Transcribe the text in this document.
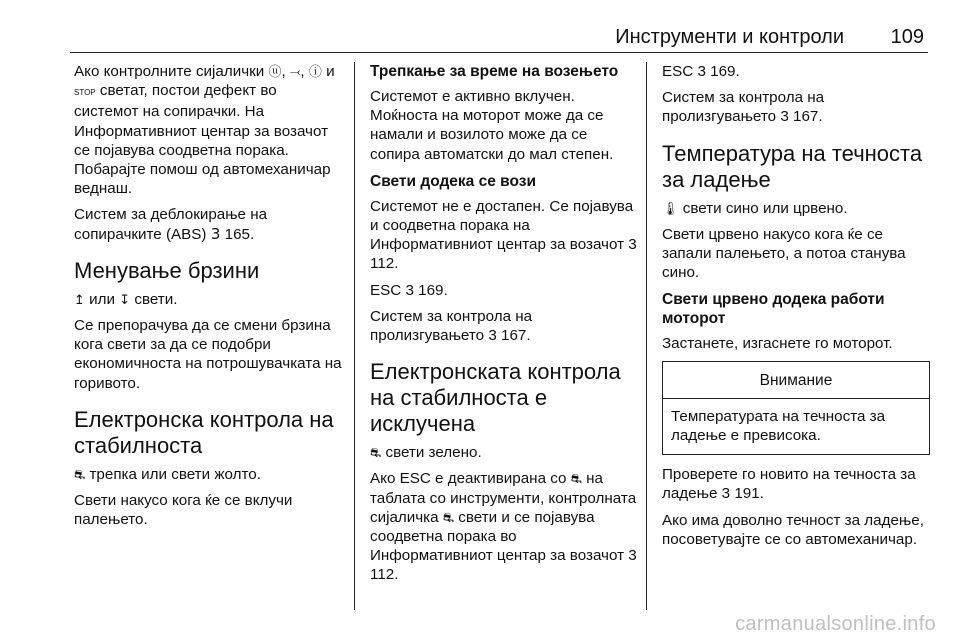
Инструменти и контроли 109

Ако контролните сијалички ⓤ, ⤙, ⓘ и STOP светат, постои дефект во системот на сопирачки. На Информативниот центар за возачот се појавува соодветна порака. Побарајте помош од автомеханичар веднаш.

Систем за деблокирање на сопирачките (ABS) 3 165.

Менување брзини

↥ или ↧ свети.

Се препорачува да се смени брзина кога свети за да се подобри економичноста на потрошувачката на горивото.

Електронска контрола на стабилноста

⛐ трепка или свети жолто.

Свети накусо кога ќе се вклучи палењето.

Трепкање за време на возењето

Системот е активно вклучен. Моќноста на моторот може да се намали и возилото може да се сопира автоматски до мал степен.

Свети додека се вози

Системот не е достапен. Се појавува и соодветна порака на Информативниот центар за возачот 3 112.

ESC 3 169.

Систем за контрола на пролизгувањето 3 167.

Електронската контрола на стабилноста е исклучена

⛐ свети зелено.

Ако ESC е деактивирана со ⛐ на таблата со инструменти, контролната сијаличка ⛐ свети и се појавува соодветна порака во Информативниот центар за возачот 3 112.

ESC 3 169.

Систем за контрола на пролизгувањето 3 167.

Температура на течноста за ладење

🌡 свети сино или црвено.

Свети црвено накусо кога ќе се запали палењето, а потоа станува сино.

Свети црвено додека работи моторот

Застанете, изгаснете го моторот.

Внимание
Температурата на течноста за ладење е превисока.

Проверете го новито на течноста за ладење 3 191.

Ако има доволно течност за ладење, посоветувајте се со автомеханичар.

carmanualsonline.info
